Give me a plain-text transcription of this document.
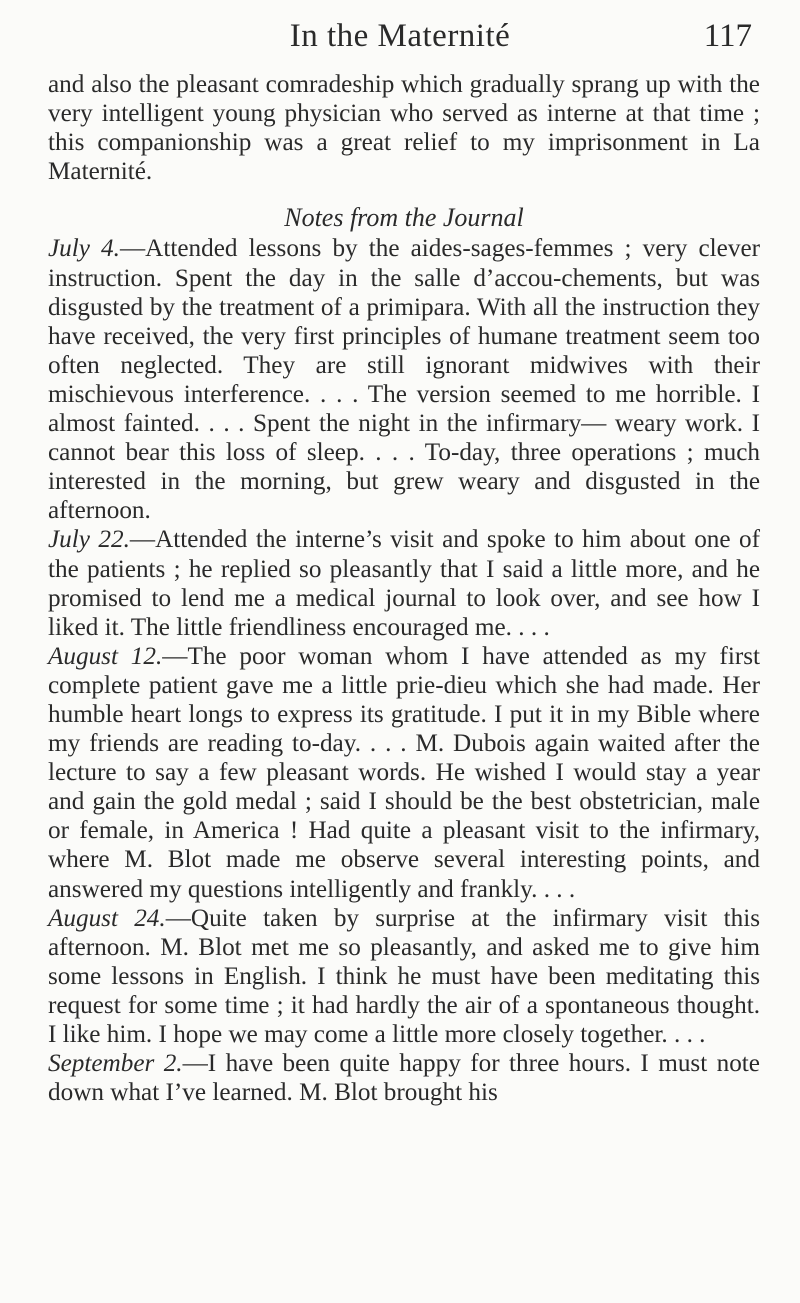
In the Maternité	117

and also the pleasant comradeship which gradually sprang up with the very intelligent young physician who served as interne at that time ; this companionship was a great relief to my imprisonment in La Maternité.

Notes from the Journal

July 4.—Attended lessons by the aides-sages-femmes ; very clever instruction. Spent the day in the salle d’accou-chements, but was disgusted by the treatment of a primipara. With all the instruction they have received, the very first principles of humane treatment seem too often neglected. They are still ignorant midwives with their mischievous interference. . . . The version seemed to me horrible. I almost fainted. . . . Spent the night in the infirmary— weary work. I cannot bear this loss of sleep. . . . To-day, three operations ; much interested in the morning, but grew weary and disgusted in the afternoon.

July 22.—Attended the interne’s visit and spoke to him about one of the patients ; he replied so pleasantly that I said a little more, and he promised to lend me a medical journal to look over, and see how I liked it. The little friendliness encouraged me. . . .

August 12.—The poor woman whom I have attended as my first complete patient gave me a little prie-dieu which she had made. Her humble heart longs to express its gratitude. I put it in my Bible where my friends are reading to-day. . . . M. Dubois again waited after the lecture to say a few pleasant words. He wished I would stay a year and gain the gold medal ; said I should be the best obstetrician, male or female, in America ! Had quite a pleasant visit to the infirmary, where M. Blot made me observe several interesting points, and answered my questions intelligently and frankly. . . .

August 24.—Quite taken by surprise at the infirmary visit this afternoon. M. Blot met me so pleasantly, and asked me to give him some lessons in English. I think he must have been meditating this request for some time ; it had hardly the air of a spontaneous thought. I like him. I hope we may come a little more closely together. . . .

September 2.—I have been quite happy for three hours. I must note down what I’ve learned. M. Blot brought his
